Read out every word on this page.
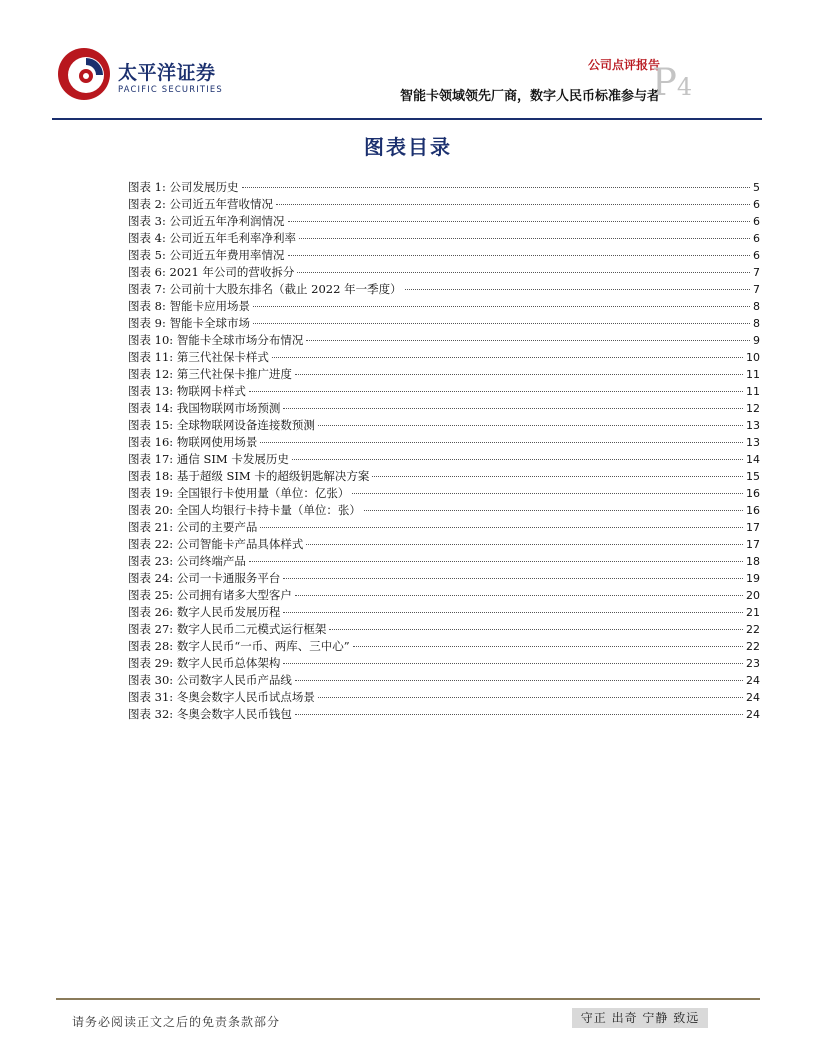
太平洋证券
PACIFIC SECURITIES
公司点评报告
智能卡领域领先厂商，数字人民币标准参与者
P4
图表目录
图表 1: 公司发展历史	5
图表 2: 公司近五年营收情况	6
图表 3: 公司近五年净利润情况	6
图表 4: 公司近五年毛利率净利率	6
图表 5: 公司近五年费用率情况	6
图表 6: 2021 年公司的营收拆分	7
图表 7: 公司前十大股东排名（截止 2022 年一季度）	7
图表 8: 智能卡应用场景	8
图表 9: 智能卡全球市场	8
图表 10: 智能卡全球市场分布情况	9
图表 11: 第三代社保卡样式	10
图表 12: 第三代社保卡推广进度	11
图表 13: 物联网卡样式	11
图表 14: 我国物联网市场预测	12
图表 15: 全球物联网设备连接数预测	13
图表 16: 物联网使用场景	13
图表 17: 通信 SIM 卡发展历史	14
图表 18: 基于超级 SIM 卡的超级钥匙解决方案	15
图表 19: 全国银行卡使用量（单位：亿张）	16
图表 20: 全国人均银行卡持卡量（单位：张）	16
图表 21: 公司的主要产品	17
图表 22: 公司智能卡产品具体样式	17
图表 23: 公司终端产品	18
图表 24: 公司一卡通服务平台	19
图表 25: 公司拥有诸多大型客户	20
图表 26: 数字人民币发展历程	21
图表 27: 数字人民币二元模式运行框架	22
图表 28: 数字人民币“一币、两库、三中心”	22
图表 29: 数字人民币总体架构	23
图表 30: 公司数字人民币产品线	24
图表 31: 冬奥会数字人民币试点场景	24
图表 32: 冬奥会数字人民币钱包	24
请务必阅读正文之后的免责条款部分	守正 出奇 宁静 致远
